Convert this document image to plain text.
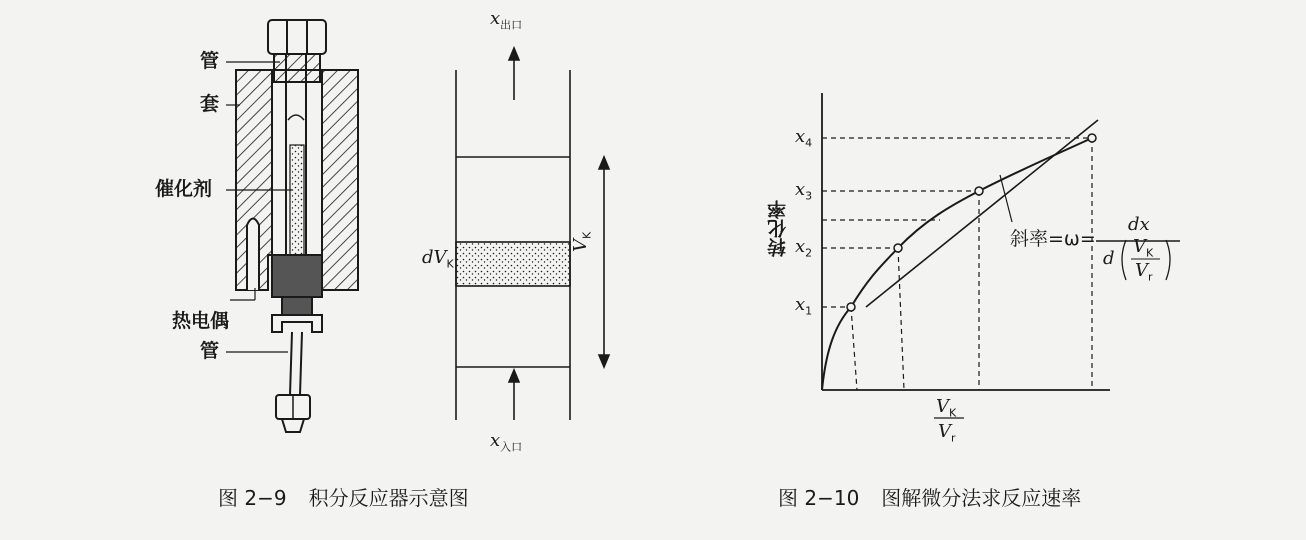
管
套
催化剂
热电偶
管
$x_{出口}$
$x_{入口}$
$dV_K$
$V_K$
图 2−9 积分反应器示意图
转化率
$x_4$
$x_3$
$x_2$
$x_1$
$V_K$
$V_r$
斜率=ω=
dx
d
$V_K$
$V_r$
图 2−10 图解微分法求反应速率
